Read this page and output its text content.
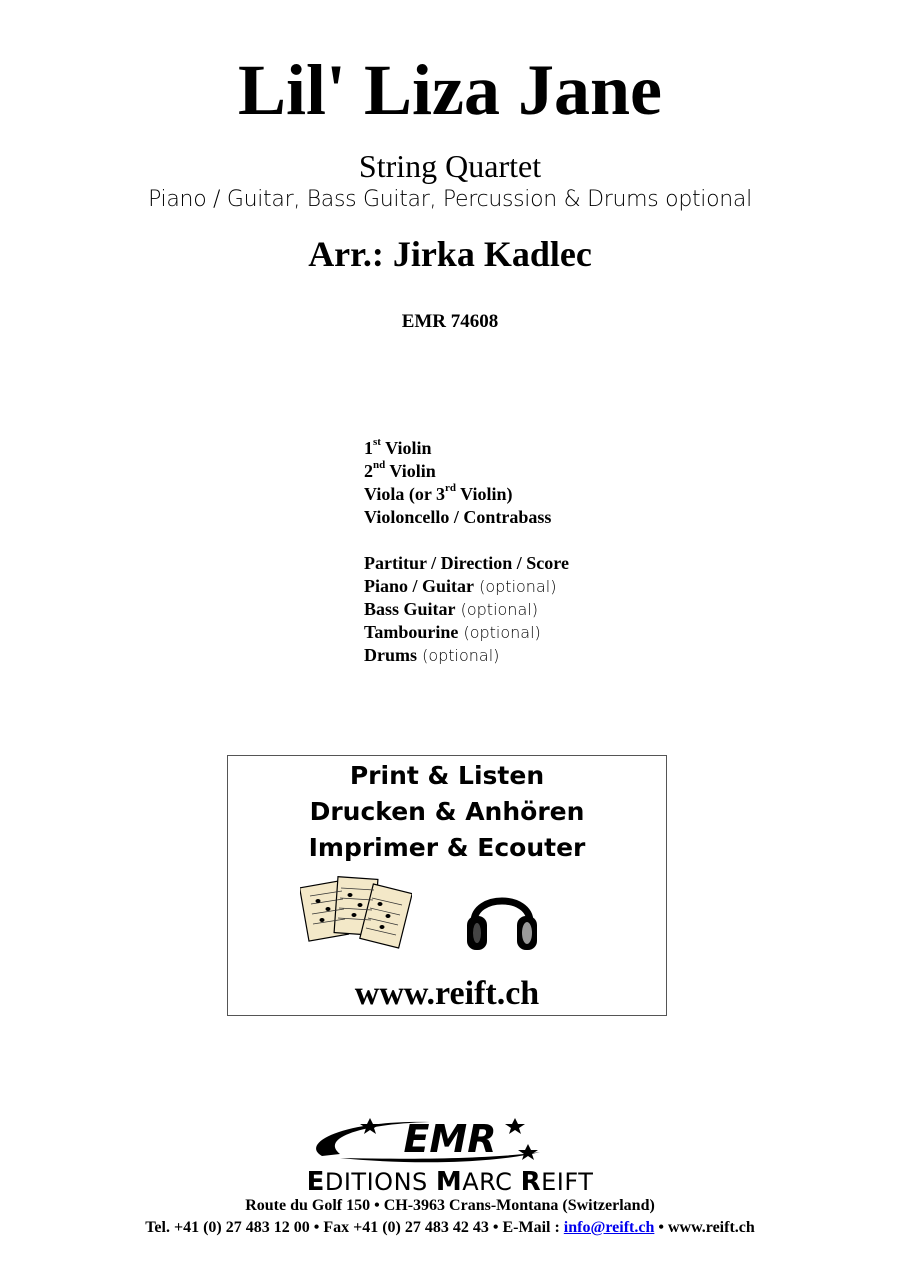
Lil' Liza Jane
String Quartet
Piano / Guitar, Bass Guitar, Percussion & Drums optional
Arr.: Jirka Kadlec
EMR 74608
1st Violin
2nd Violin
Viola (or 3rd Violin)
Violoncello / Contrabass
Partitur / Direction / Score
Piano / Guitar (optional)
Bass Guitar (optional)
Tambourine (optional)
Drums (optional)
Print & Listen
Drucken & Anhören
Imprimer & Ecouter
www.reift.ch
EMR
EDITIONS MARC REIFT
Route du Golf 150 • CH-3963 Crans-Montana (Switzerland)
Tel. +41 (0) 27 483 12 00 • Fax +41 (0) 27 483 42 43 • E-Mail : info@reift.ch • www.reift.ch
